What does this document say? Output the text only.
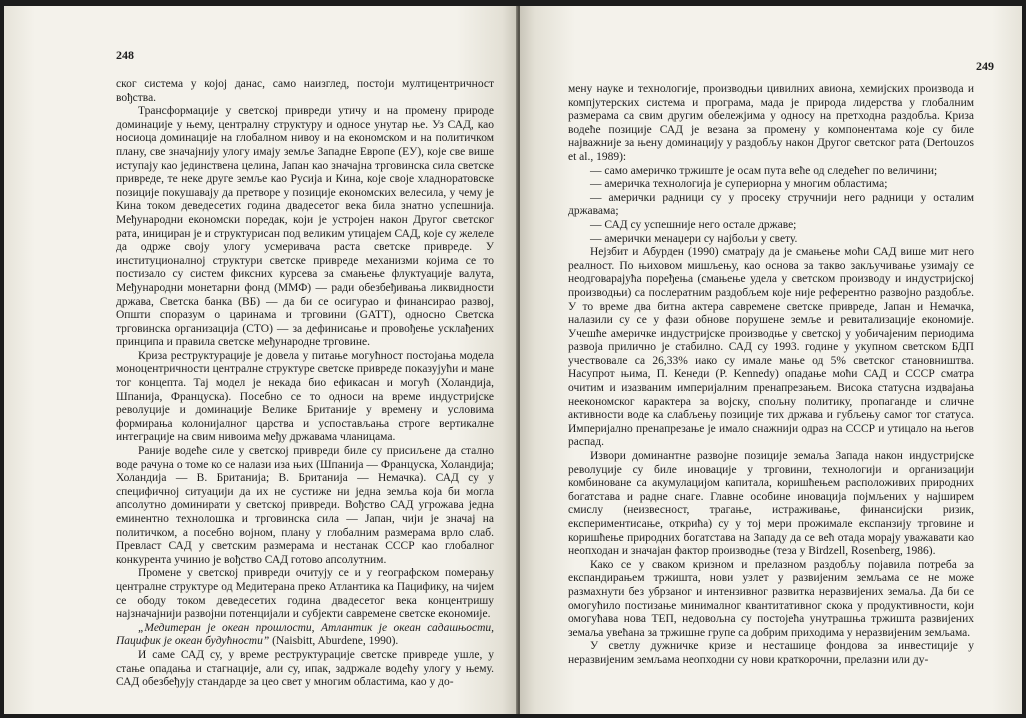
248

ског система у којој данас, само наизглед, постоји мултицентричност вођства.

Трансформације у светској привреди утичу и на промену природе доминације у њему, централну структуру и односе унутар ње. Уз САД, као носиоца доминације на глобалном нивоу и на економском и на политичком плану, све значајнију улогу имају земље Западне Европе (ЕУ), које све више иступају као јединствена целина, Јапан као значајна трговинска сила светске привреде, те неке друге земље као Русија и Кина, које своје хладноратовске позиције покушавају да претворе у позиције економских велесила, у чему је Кина током деведесетих година двадесетог века била знатно успешнија. Међународни економски поредак, који је устројен након Другог светског рата, инициран је и структурисан под великим утицајем САД, које су желеле да одрже своју улогу усмеривача раста светске привреде. У институционалној структури светске привреде механизми којима се то постизало су систем фиксних курсева за смањење флуктуације валута, Међународни монетарни фонд (ММФ) — ради обезбеђивања ликвидности држава, Светска банка (ВБ) — да би се осигурао и финансирао развој, Општи споразум о царинама и трговини (GATT), односно Светска трговинска организација (СТО) — за дефинисање и провођење усклађених принципа и правила светске међународне трговине.

Криза реструктурације је довела у питање могућност постојања модела моноцентричности централне структуре светске привреде показујући и мане тог концепта. Тај модел је некада био ефикасан и могућ (Холандија, Шпанија, Француска). Посебно се то односи на време индустријске револуције и доминације Велике Британије у времену и условима формирања колонијалног царства и успостављања строге вертикалне интеграције на свим нивоима међу државама чланицама.

Раније водеће силе у светској привреди биле су присиљене да стално воде рачуна о томе ко се налази иза њих (Шпанија — Француска, Холандија; Холандија — В. Британија; В. Британија — Немачка). САД су у специфичној ситуацији да их не сустиже ни једна земља која би могла апсолутно доминирати у светској привреди. Вођство САД угрожава једна еминентно технолошка и трговинска сила — Јапан, чији је значај на политичком, а посебно војном, плану у глобалним размерама врло слаб. Превласт САД у светским размерама и нестанак СССР као глобалног конкурента учинио је вођство САД готово апсолутним.

Промене у светској привреди очитују се и у географском померању централне структуре од Медитерана преко Атлантика ка Пацифику, на чијем се ободу током деведесетих година двадесетог века концентришу најзначајнији развојни потенцијали и субјекти савремене светске економије.

„Медитеран је океан прошлости, Атлантик је океан садашњости, Пацифик је океан будућности” (Naisbitt, Aburdene, 1990).

И саме САД су, у време реструктурације светске привреде ушле, у стање опадања и стагнације, али су, ипак, задржале водећу улогу у њему. САД обезбеђују стандарде за цео свет у многим областима, као у до-

249

мену науке и технологије, производњи цивилних авиона, хемијских производа и компјутерских система и програма, мада је природа лидерства у глобалним размерама са свим другим обележјима у односу на претходна раздобља. Криза водеће позиције САД је везана за промену у компонентама које су биле најважније за њену доминацију у раздобљу након Другог светског рата (Dertouzos et al., 1989):

— само америчко тржиште је осам пута веће од следећег по величини;

— америчка технологија је супериорна у многим областима;

— амерички радници су у просеку стручнији него радници у осталим државама;

— САД су успешније него остале државе;

— амерички менаџери су најбољи у свету.

Нејзбит и Абурден (1990) сматрају да је смањење моћи САД више мит него реалност. По њиховом мишљењу, као основа за такво закључивање узимају се неодговарајућа поређења (смањење удела у светском производу и индустријској производњи) са послератним раздобљем које није референтно развојно раздобље. У то време два битна актера савремене светске привреде, Јапан и Немачка, налазили су се у фази обнове порушене земље и ревитализације економије. Учешће америчке индустријске производње у светској у уобичајеним периодима развоја прилично је стабилно. САД су 1993. године у укупном светском БДП учествовале са 26,33% иако су имале мање од 5% светског становништва. Насупрот њима, П. Кенеди (P. Kennedy) опадање моћи САД и СССР сматра очитим и изазваним империјалним пренапрезањем. Висока статусна издвајања неекономског карактера за војску, спољну политику, пропаганде и сличне активности воде ка слабљењу позиције тих држава и губљењу самог тог статуса. Империјално пренапрезање је имало снажнији одраз на СССР и утицало на његов распад.

Извори доминантне развојне позиције земаља Запада након индустријске револуције су биле иновације у трговини, технологији и организацији комбиноване са акумулацијом капитала, коришћењем расположивих природних богатстава и радне снаге. Главне особине иновација појмљених у најширем смислу (неизвесност, трагање, истраживање, финансијски ризик, експериментисање, открића) су у тој мери прожимале експанзију трговине и коришћење природних богатстава на Западу да се већ отада морају уважавати као неопходан и значајан фактор производње (теза у Birdzell, Rosenberg, 1986).

Како се у сваком кризном и прелазном раздобљу појавила потреба за експандирањем тржишта, нови узлет у развијеним земљама се не може размахнути без убрзаног и интензивног развитка неразвијених земаља. Да би се омогућило постизање минималног квантитативног скока у продуктивности, који омогућава нова ТЕП, недовољна су постојећа унутрашња тржишта развијених земаља увећана за тржишне групе са добрим приходима у неразвијеним земљама.

У светлу дужничке кризе и несташице фондова за инвестиције у неразвијеним земљама неопходни су нови краткорочни, прелазни или ду-
